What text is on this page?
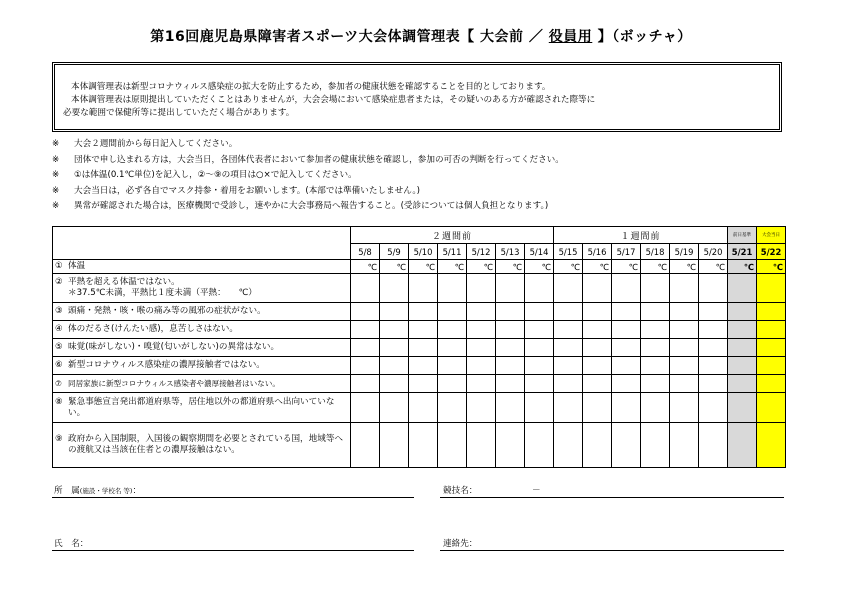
第16回鹿児島県障害者スポーツ大会体調管理表【 大会前 ／ 役員用 】（ボッチャ）

本体調管理表は新型コロナウィルス感染症の拡大を防止するため，参加者の健康状態を確認することを目的としております。

本体調管理表は原則提出していただくことはありませんが，大会会場において感染症患者または，その疑いのある方が確認された際等に

必要な範囲で保健所等に提出していただく場合があります。

※	大会２週間前から毎日記入してください。
※	団体で申し込まれる方は，大会当日，各団体代表者において参加者の健康状態を確認し，参加の可否の判断を行ってください。
※	①は体温(0.1℃単位)を記入し，②～⑨の項目は○×で記入してください。
※	大会当日は，必ず各自でマスク持参・着用をお願いします。(本部では準備いたしません。)
※	異常が確認された場合は，医療機関で受診し，速やかに大会事務局へ報告すること。(受診については個人負担となります。)
	２週間前							１週間前						前日基準	大会当日
	5/8	5/9	5/10	5/11	5/12	5/13	5/14	5/15	5/16	5/17	5/18	5/19	5/20	5/21	5/22

① 体温	℃	℃	℃	℃	℃	℃	℃	℃	℃	℃	℃	℃	℃	℃	℃

② 平熱を超える体温ではない。
＊37.5℃未満，平熱比１度未満（平熱：　　℃）															

③ 頭痛・発熱・咳・喉の痛み等の風邪の症状がない。															

④ 体のだるさ(けんたい感)，息苦しさはない。															

⑤ 味覚(味がしない)・嗅覚(匂いがしない)の異常はない。															

⑥ 新型コロナウィルス感染症の濃厚接触者ではない。															

⑦ 同居家族に新型コロナウィルス感染者や濃厚接触者はいない。															

⑧ 緊急事態宣言発出都道府県等，居住地以外の都道府県へ出向いていない。															

⑨ 政府から入国制限，入国後の観察期間を必要とされている国，地域等への渡航又は当該在住者との濃厚接触はない。															

所　属(施設・学校名 等)：	競技名：	－
氏　名：	連絡先：
